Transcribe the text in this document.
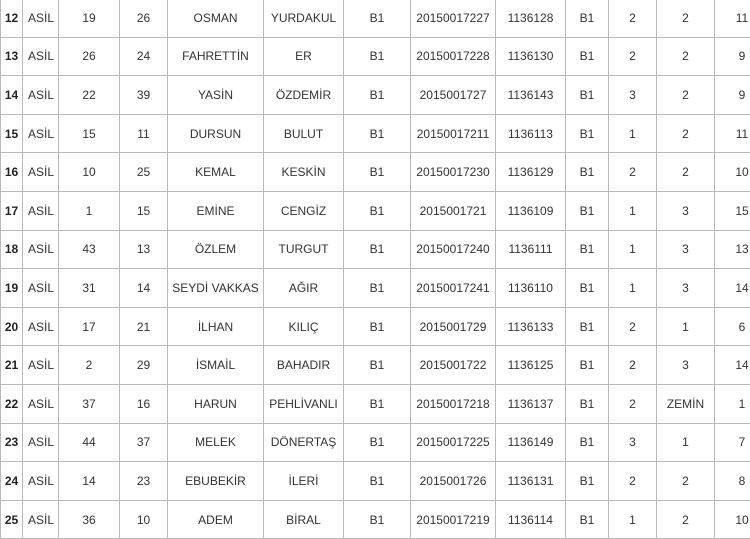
12	ASİL	19	26	OSMAN	YURDAKUL	B1	20150017227	1136128	B1	2	2	11
13	ASİL	26	24	FAHRETTİN	ER	B1	20150017228	1136130	B1	2	2	9
14	ASİL	22	39	YASİN	ÖZDEMİR	B1	2015001727	1136143	B1	3	2	9
15	ASİL	15	11	DURSUN	BULUT	B1	20150017211	1136113	B1	1	2	11
16	ASİL	10	25	KEMAL	KESKİN	B1	20150017230	1136129	B1	2	2	10
17	ASİL	1	15	EMİNE	CENGİZ	B1	2015001721	1136109	B1	1	3	15
18	ASİL	43	13	ÖZLEM	TURGUT	B1	20150017240	1136111	B1	1	3	13
19	ASİL	31	14	SEYDİ VAKKAS	AĞIR	B1	20150017241	1136110	B1	1	3	14
20	ASİL	17	21	İLHAN	KILIÇ	B1	2015001729	1136133	B1	2	1	6
21	ASİL	2	29	İSMAİL	BAHADIR	B1	2015001722	1136125	B1	2	3	14
22	ASİL	37	16	HARUN	PEHLİVANLI	B1	20150017218	1136137	B1	2	ZEMİN	1
23	ASİL	44	37	MELEK	DÖNERTAŞ	B1	20150017225	1136149	B1	3	1	7
24	ASİL	14	23	EBUBEKİR	İLERİ	B1	2015001726	1136131	B1	2	2	8
25	ASİL	36	10	ADEM	BİRAL	B1	20150017219	1136114	B1	1	2	10
